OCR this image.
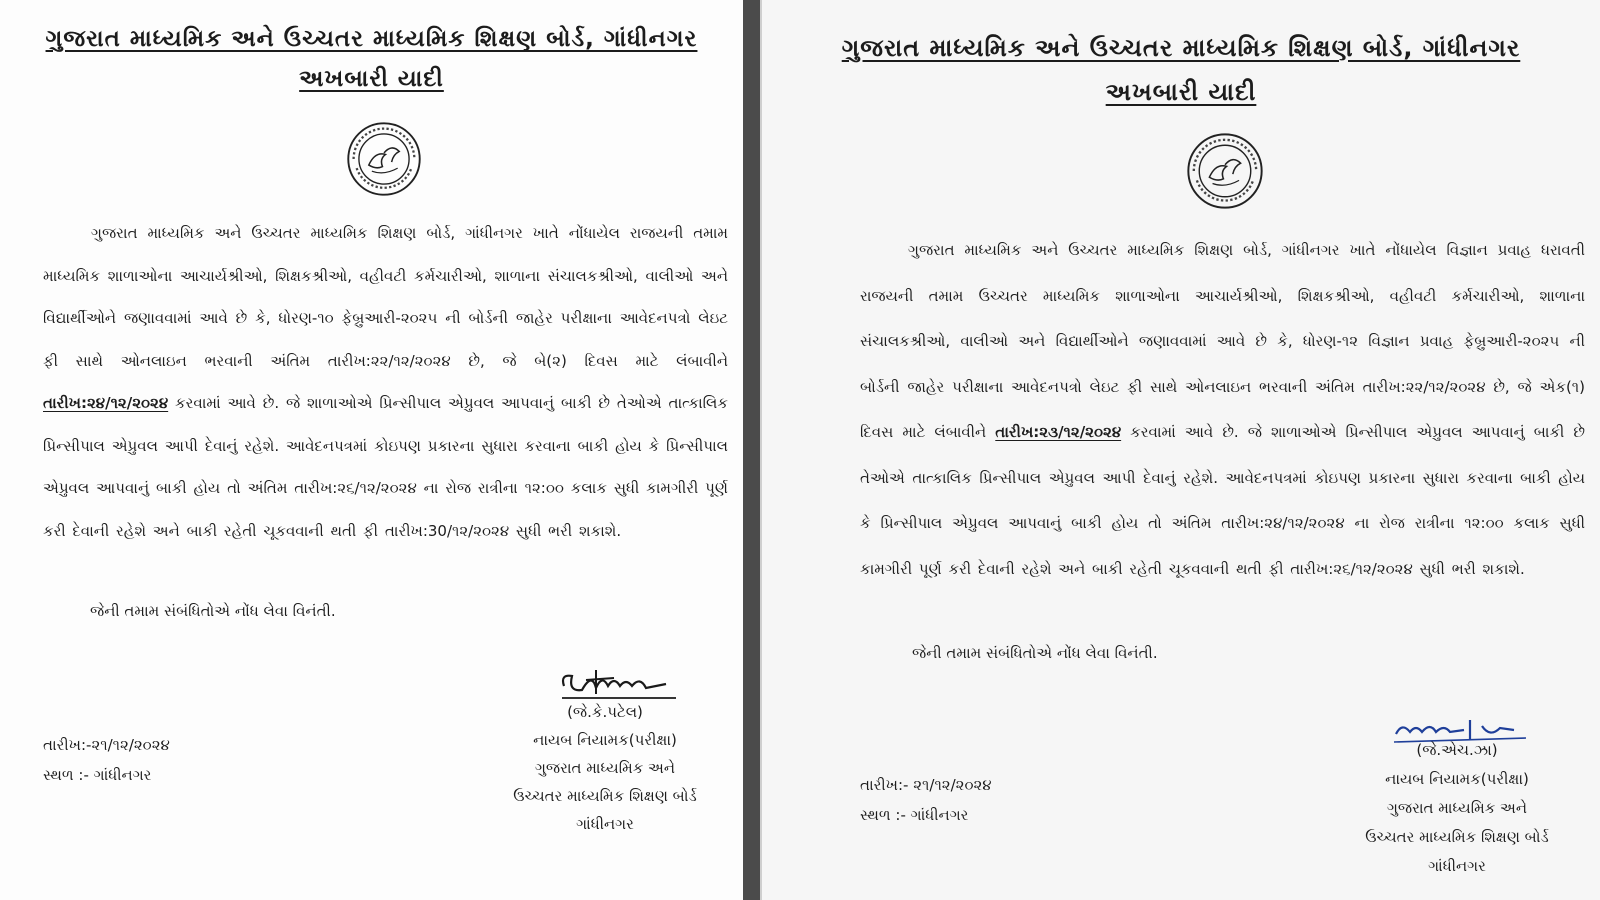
ગુજરાત માધ્યમિક અને ઉચ્ચતર માધ્યમિક શિક્ષણ બોર્ડ, ગાંધીનગર
અખબારી યાદી

ગુજરાત માધ્યમિક અને ઉચ્ચતર માધ્યમિક શિક્ષણ બોર્ડ, ગાંધીનગર ખાતે નોંધાયેલ રાજયની તમામ માધ્યમિક શાળાઓના આચાર્યશ્રીઓ, શિક્ષકશ્રીઓ, વહીવટી કર્મચારીઓ, શાળાના સંચાલકશ્રીઓ, વાલીઓ અને વિદ્યાર્થીઓને જણાવવામાં આવે છે કે, ધોરણ-૧૦ ફેબ્રુઆરી-૨૦૨૫ ની બોર્ડની જાહેર પરીક્ષાના આવેદનપત્રો લેઇટ ફી સાથે ઓનલાઇન ભરવાની અંતિમ તારીખ:૨૨/૧૨/૨૦૨૪ છે, જે બે(૨) દિવસ માટે લંબાવીને તારીખ:૨૪/૧૨/૨૦૨૪ કરવામાં આવે છે. જે શાળાઓએ પ્રિન્સીપાલ એપ્રુવલ આપવાનું બાકી છે તેઓએ તાત્કાલિક પ્રિન્સીપાલ એપ્રુવલ આપી દેવાનું રહેશે. આવેદનપત્રમાં કોઇપણ પ્રકારના સુધારા કરવાના બાકી હોય કે પ્રિન્સીપાલ એપ્રુવલ આપવાનું બાકી હોય તો અંતિમ તારીખ:૨૬/૧૨/૨૦૨૪ ના રોજ રાત્રીના ૧૨:૦૦ કલાક સુધી કામગીરી પૂર્ણ કરી દેવાની રહેશે અને બાકી રહેતી ચૂકવવાની થતી ફી તારીખ:30/૧૨/૨૦૨૪ સુધી ભરી શકાશે.

જેની તમામ સંબંધિતોએ નોંધ લેવા વિનંતી.
(જે.કે.પટેલ)
નાયબ નિયામક(પરીક્ષા)
ગુજરાત માધ્યમિક અને
ઉચ્ચતર માધ્યમિક શિક્ષણ બોર્ડ
ગાંધીનગર
તારીખ:-૨૧/૧૨/૨૦૨૪
સ્થળ :- ગાંધીનગર
ગુજરાત માધ્યમિક અને ઉચ્ચતર માધ્યમિક શિક્ષણ બોર્ડ, ગાંધીનગર
અખબારી યાદી

ગુજરાત માધ્યમિક અને ઉચ્ચતર માધ્યમિક શિક્ષણ બોર્ડ, ગાંધીનગર ખાતે નોંધાયેલ વિજ્ઞાન પ્રવાહ ધરાવતી રાજયની તમામ ઉચ્ચતર માધ્યમિક શાળાઓના આચાર્યશ્રીઓ, શિક્ષકશ્રીઓ, વહીવટી કર્મચારીઓ, શાળાના સંચાલકશ્રીઓ, વાલીઓ અને વિદ્યાર્થીઓને જણાવવામાં આવે છે કે, ધોરણ-૧૨ વિજ્ઞાન પ્રવાહ ફેબ્રુઆરી-૨૦૨૫ ની બોર્ડની જાહેર પરીક્ષાના આવેદનપત્રો લેઇટ ફી સાથે ઓનલાઇન ભરવાની અંતિમ તારીખ:૨૨/૧૨/૨૦૨૪ છે, જે એક(૧) દિવસ માટે લંબાવીને તારીખ:૨૩/૧૨/૨૦૨૪ કરવામાં આવે છે. જે શાળાઓએ પ્રિન્સીપાલ એપ્રુવલ આપવાનું બાકી છે તેઓએ તાત્કાલિક પ્રિન્સીપાલ એપ્રુવલ આપી દેવાનું રહેશે. આવેદનપત્રમાં કોઇપણ પ્રકારના સુધારા કરવાના બાકી હોય કે પ્રિન્સીપાલ એપ્રુવલ આપવાનું બાકી હોય તો અંતિમ તારીખ:૨૪/૧૨/૨૦૨૪ ના રોજ રાત્રીના ૧૨:૦૦ કલાક સુધી કામગીરી પૂર્ણ કરી દેવાની રહેશે અને બાકી રહેતી ચૂકવવાની થતી ફી તારીખ:૨૬/૧૨/૨૦૨૪ સુધી ભરી શકાશે.

જેની તમામ સંબંધિતોએ નોંધ લેવા વિનંતી.
(જે.એચ.ઝા)
નાયબ નિયામક(પરીક્ષા)
ગુજરાત માધ્યમિક અને
ઉચ્ચતર માધ્યમિક શિક્ષણ બોર્ડ
ગાંધીનગર
તારીખ:- ૨૧/૧૨/૨૦૨૪
સ્થળ :- ગાંધીનગર
